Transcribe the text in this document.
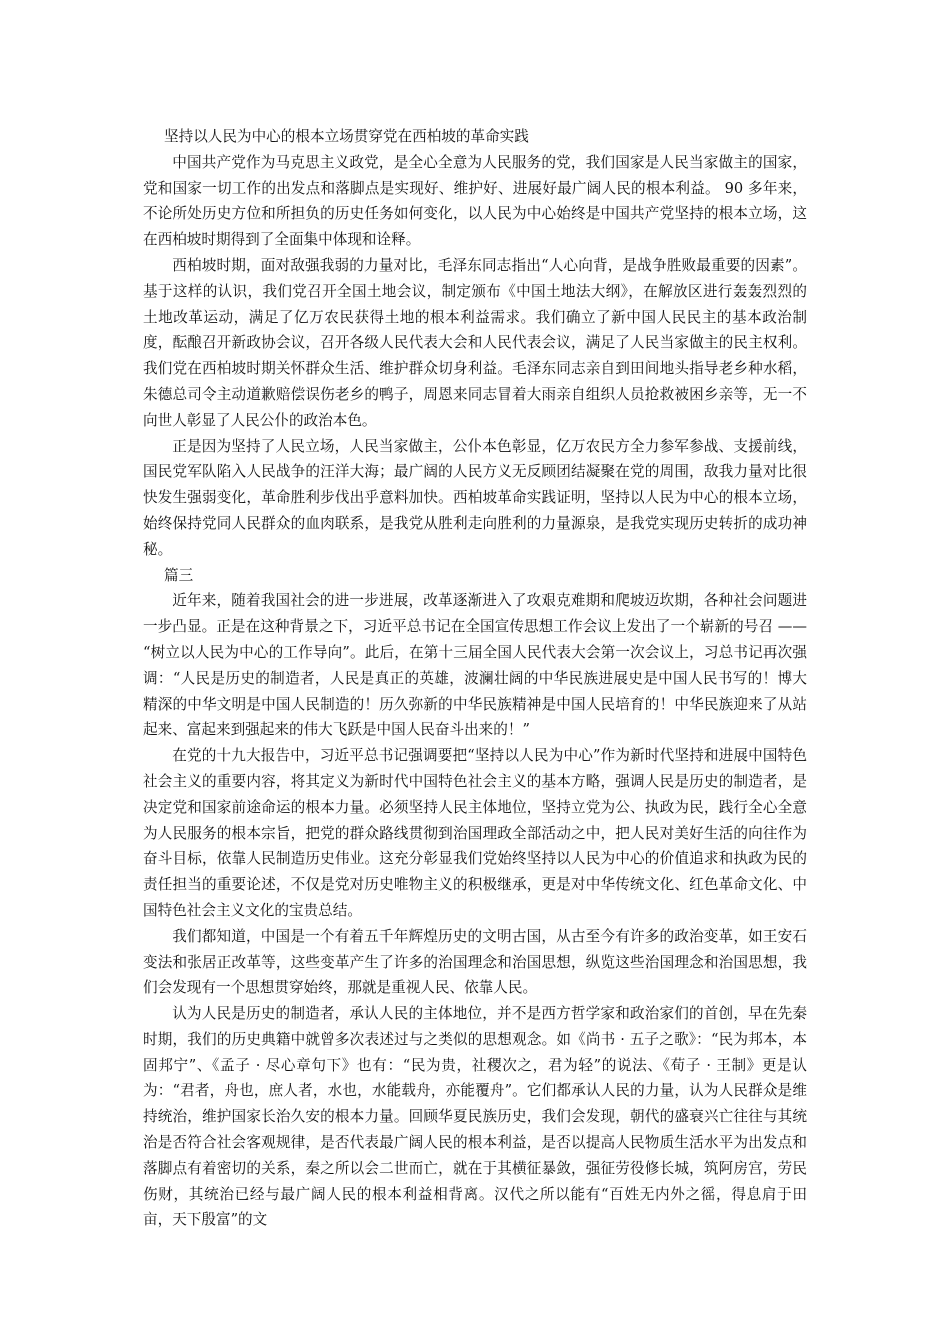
坚持以人民为中心的根本立场贯穿党在西柏坡的革命实践

中国共产党作为马克思主义政党，是全心全意为人民服务的党，我们国家是人民当家做主的国家，党和国家一切工作的出发点和落脚点是实现好、维护好、进展好最广阔人民的根本利益。 90 多年来，不论所处历史方位和所担负的历史任务如何变化，以人民为中心始终是中国共产党坚持的根本立场，这在西柏坡时期得到了全面集中体现和诠释。

西柏坡时期，面对敌强我弱的力量对比，毛泽东同志指出“人心向背，是战争胜败最重要的因素”。基于这样的认识，我们党召开全国土地会议，制定颁布《中国土地法大纲》，在解放区进行轰轰烈烈的土地改革运动，满足了亿万农民获得土地的根本利益需求。我们确立了新中国人民民主的基本政治制度，酝酿召开新政协会议，召开各级人民代表大会和人民代表会议，满足了人民当家做主的民主权利。我们党在西柏坡时期关怀群众生活、维护群众切身利益。毛泽东同志亲自到田间地头指导老乡种水稻，朱德总司令主动道歉赔偿误伤老乡的鸭子，周恩来同志冒着大雨亲自组织人员抢救被困乡亲等，无一不向世人彰显了人民公仆的政治本色。

正是因为坚持了人民立场，人民当家做主，公仆本色彰显，亿万农民方全力参军参战、支援前线，国民党军队陷入人民战争的汪洋大海；最广阔的人民方义无反顾团结凝聚在党的周围，敌我力量对比很快发生强弱变化，革命胜利步伐出乎意料加快。西柏坡革命实践证明，坚持以人民为中心的根本立场，始终保持党同人民群众的血肉联系，是我党从胜利走向胜利的力量源泉，是我党实现历史转折的成功神秘。

篇三

近年来，随着我国社会的进一步进展，改革逐渐进入了攻艰克难期和爬坡迈坎期，各种社会问题进一步凸显。正是在这种背景之下，习近平总书记在全国宣传思想工作会议上发出了一个崭新的号召 —— “树立以人民为中心的工作导向”。此后，在第十三届全国人民代表大会第一次会议上，习总书记再次强调：“人民是历史的制造者，人民是真正的英雄，波澜壮阔的中华民族进展史是中国人民书写的！博大精深的中华文明是中国人民制造的！历久弥新的中华民族精神是中国人民培育的！中华民族迎来了从站起来、富起来到强起来的伟大飞跃是中国人民奋斗出来的！”

在党的十九大报告中，习近平总书记强调要把“坚持以人民为中心”作为新时代坚持和进展中国特色社会主义的重要内容，将其定义为新时代中国特色社会主义的基本方略，强调人民是历史的制造者，是决定党和国家前途命运的根本力量。必须坚持人民主体地位，坚持立党为公、执政为民，践行全心全意为人民服务的根本宗旨，把党的群众路线贯彻到治国理政全部活动之中，把人民对美好生活的向往作为奋斗目标，依靠人民制造历史伟业。这充分彰显我们党始终坚持以人民为中心的价值追求和执政为民的责任担当的重要论述，不仅是党对历史唯物主义的积极继承，更是对中华传统文化、红色革命文化、中国特色社会主义文化的宝贵总结。

我们都知道，中国是一个有着五千年辉煌历史的文明古国，从古至今有许多的政治变革，如王安石变法和张居正改革等，这些变革产生了许多的治国理念和治国思想，纵览这些治国理念和治国思想，我们会发现有一个思想贯穿始终，那就是重视人民、依靠人民。

认为人民是历史的制造者，承认人民的主体地位，并不是西方哲学家和政治家们的首创，早在先秦时期，我们的历史典籍中就曾多次表述过与之类似的思想观念。如《尚书 · 五子之歌》：“民为邦本，本固邦宁”、《孟子 · 尽心章句下》也有：“民为贵，社稷次之，君为轻”的说法、《荀子 · 王制》更是认为：“君者，舟也，庶人者，水也，水能载舟，亦能覆舟”。它们都承认人民的力量，认为人民群众是维持统治，维护国家长治久安的根本力量。回顾华夏民族历史，我们会发现，朝代的盛衰兴亡往往与其统治是否符合社会客观规律，是否代表最广阔人民的根本利益，是否以提高人民物质生活水平为出发点和落脚点有着密切的关系，秦之所以会二世而亡，就在于其横征暴敛，强征劳役修长城，筑阿房宫，劳民伤财，其统治已经与最广阔人民的根本利益相背离。汉代之所以能有“百姓无内外之徭，得息肩于田亩，天下殷富”的文
